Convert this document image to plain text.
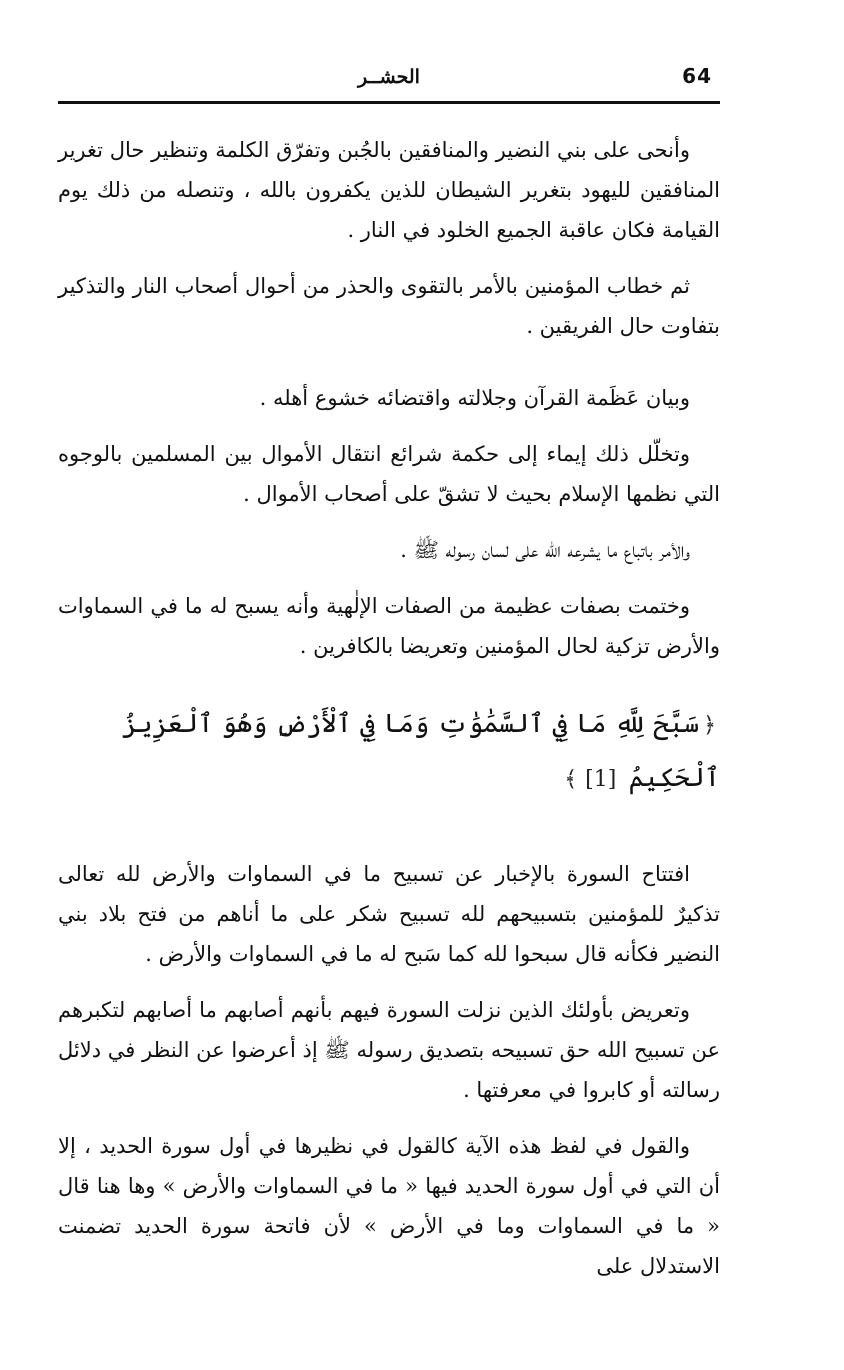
64
الحشــر

وأنحى على بني النضير والمنافقين بالجُبن وتفرّق الكلمة وتنظير حال تغرير المنافقين لليهود بتغرير الشيطان للذين يكفرون بالله ، وتنصله من ذلك يوم القيامة فكان عاقبة الجميع الخلود في النار .

ثم خطاب المؤمنين بالأمر بالتقوى والحذر من أحوال أصحاب النار والتذكير بتفاوت حال الفريقين .

وبيان عَظَمة القرآن وجلالته واقتضائه خشوع أهله .

وتخلّل ذلك إيماء إلى حكمة شرائع انتقال الأموال بين المسلمين بالوجوه التي نظمها الإسلام بحيث لا تشقّ على أصحاب الأموال .

والأمر باتباع ما يشرعه الله على لسان رسوله ﷺ .

وختمت بصفات عظيمة من الصفات الإلٰهية وأنه يسبح له ما في السماوات والأرض تزكية لحال المؤمنين وتعريضا بالكافرين .

﴿سَبَّحَ لِلَّهِ مَا فِي ٱلسَّمَٰوَٰتِ وَمَا فِي ٱلْأَرْضِ وَهُوَ ٱلْعَزِيزُ ٱلْحَكِيمُ [1]﴾

افتتاح السورة بالإخبار عن تسبيح ما في السماوات والأرض لله تعالى تذكيرٌ للمؤمنين بتسبيحهم لله تسبيح شكر على ما أناهم من فتح بلاد بني النضير فكأنه قال سبحوا لله كما سَبح له ما في السماوات والأرض .

وتعريض بأولئك الذين نزلت السورة فيهم بأنهم أصابهم ما أصابهم لتكبرهم عن تسبيح الله حق تسبيحه بتصديق رسوله ﷺ إذ أعرضوا عن النظر في دلائل رسالته أو كابروا في معرفتها .

والقول في لفظ هذه الآية كالقول في نظيرها في أول سورة الحديد ، إلا أن التي في أول سورة الحديد فيها « ما في السماوات والأرض » وها هنا قال « ما في السماوات وما في الأرض » لأن فاتحة سورة الحديد تضمنت الاستدلال على
